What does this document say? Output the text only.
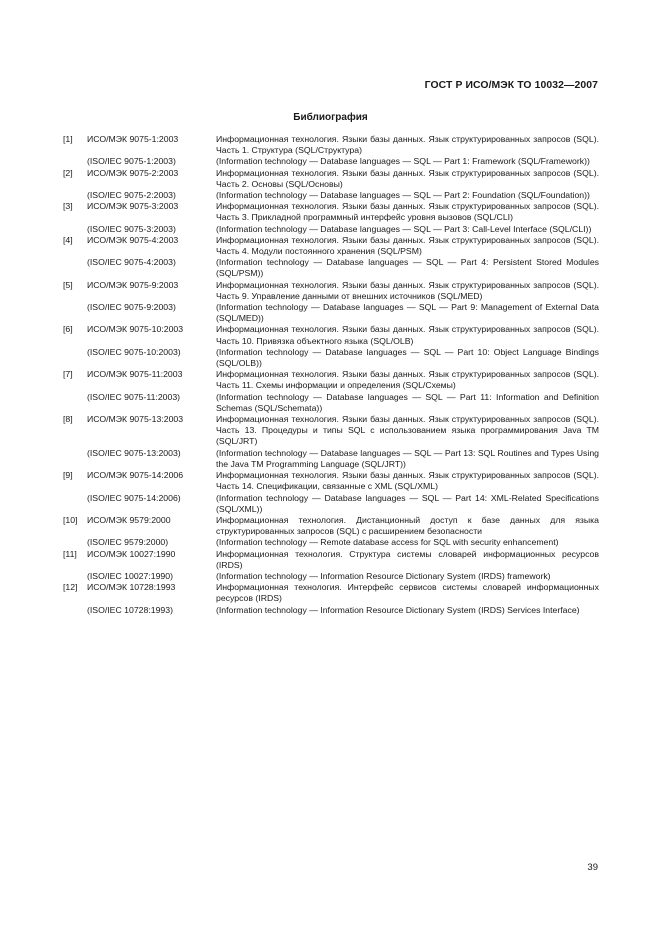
ГОСТ Р ИСО/МЭК ТО 10032—2007
Библиография
[1]	ИСО/МЭК 9075-1:2003	Информационная технология. Языки базы данных. Язык структурированных запросов (SQL). Часть 1. Структура (SQL/Структура)
(ISO/IEC 9075-1:2003)	(Information technology — Database languages — SQL — Part 1: Framework (SQL/Framework))
[2]	ИСО/МЭК 9075-2:2003	Информационная технология. Языки базы данных. Язык структурированных запросов (SQL). Часть 2. Основы (SQL/Основы)
(ISO/IEC 9075-2:2003)	(Information technology — Database languages — SQL — Part 2: Foundation (SQL/Foundation))
[3]	ИСО/МЭК 9075-3:2003	Информационная технология. Языки базы данных. Язык структурированных запросов (SQL). Часть 3. Прикладной программный интерфейс уровня вызовов (SQL/CLI)
(ISO/IEC 9075-3:2003)	(Information technology — Database languages — SQL — Part 3: Call-Level Interface (SQL/CLI))
[4]	ИСО/МЭК 9075-4:2003	Информационная технология. Языки базы данных. Язык структурированных запросов (SQL). Часть 4. Модули постоянного хранения (SQL/PSM)
(ISO/IEC 9075-4:2003)	(Information technology — Database languages — SQL — Part 4: Persistent Stored Modules (SQL/PSM))
[5]	ИСО/МЭК 9075-9:2003	Информационная технология. Языки базы данных. Язык структурированных запросов (SQL). Часть 9. Управление данными от внешних источников (SQL/MED)
(ISO/IEC 9075-9:2003)	(Information technology — Database languages — SQL — Part 9: Management of External Data (SQL/MED))
[6]	ИСО/МЭК 9075-10:2003	Информационная технология. Языки базы данных. Язык структурированных запросов (SQL). Часть 10. Привязка объектного языка (SQL/OLB)
(ISO/IEC 9075-10:2003)	(Information technology — Database languages — SQL — Part 10: Object Language Bindings (SQL/OLB))
[7]	ИСО/МЭК 9075-11:2003	Информационная технология. Языки базы данных. Язык структурированных запросов (SQL). Часть 11. Схемы информации и определения (SQL/Схемы)
(ISO/IEC 9075-11:2003)	(Information technology — Database languages — SQL — Part 11: Information and Definition Schemas (SQL/Schemata))
[8]	ИСО/МЭК 9075-13:2003	Информационная технология. Языки базы данных. Язык структурированных запросов (SQL). Часть 13. Процедуры и типы SQL с использованием языка программирования Java TM (SQL/JRT)
(ISO/IEC 9075-13:2003)	(Information technology — Database languages — SQL — Part 13: SQL Routines and Types Using the Java TM Programming Language (SQL/JRT))
[9]	ИСО/МЭК 9075-14:2006	Информационная технология. Языки базы данных. Язык структурированных запросов (SQL). Часть 14. Спецификации, связанные с XML (SQL/XML)
(ISO/IEC 9075-14:2006)	(Information technology — Database languages — SQL — Part 14: XML-Related Specifications (SQL/XML))
[10]	ИСО/МЭК 9579:2000	Информационная технология. Дистанционный доступ к базе данных для языка структурированных запросов (SQL) с расширением безопасности
(ISO/IEC 9579:2000)	(Information technology — Remote database access for SQL with security enhancement)
[11]	ИСО/МЭК 10027:1990	Информационная технология. Структура системы словарей информационных ресурсов (IRDS)
(ISO/IEC 10027:1990)	(Information technology — Information Resource Dictionary System (IRDS) framework)
[12]	ИСО/МЭК 10728:1993	Информационная технология. Интерфейс сервисов системы словарей информационных ресурсов (IRDS)
(ISO/IEC 10728:1993)	(Information technology — Information Resource Dictionary System (IRDS) Services Interface)
39
